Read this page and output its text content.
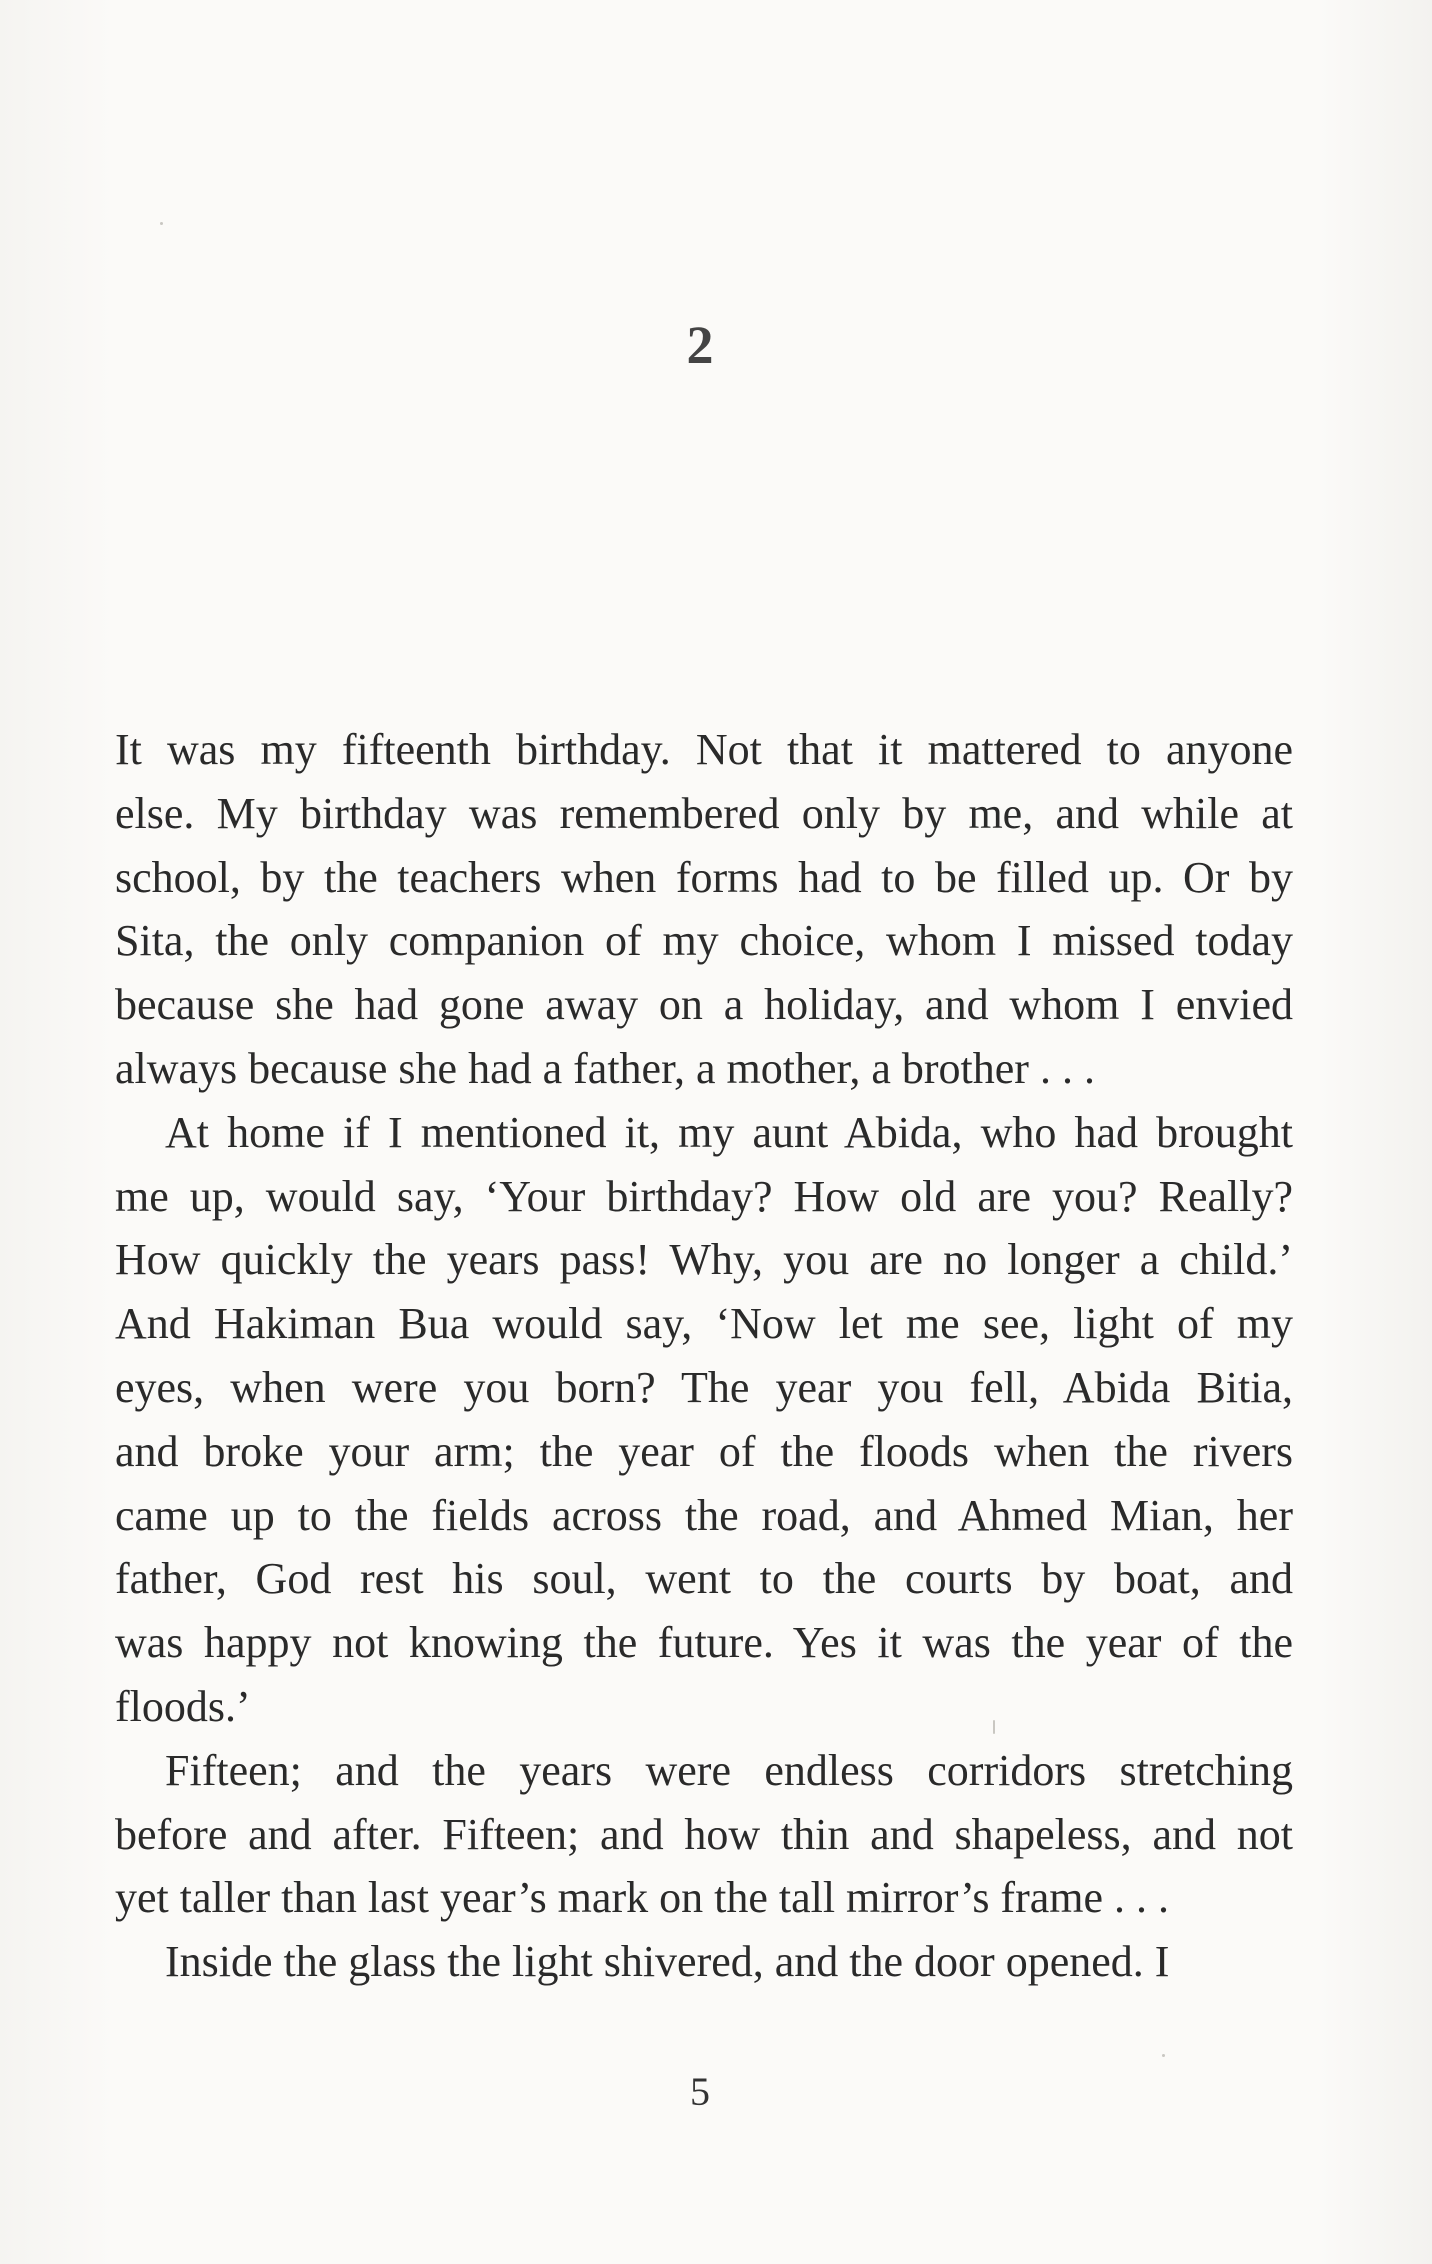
2
It was my fifteenth birthday. Not that it mattered to anyone
else. My birthday was remembered only by me, and while at
school, by the teachers when forms had to be filled up. Or by
Sita, the only companion of my choice, whom I missed today
because she had gone away on a holiday, and whom I envied
always because she had a father, a mother, a brother . . .
At home if I mentioned it, my aunt Abida, who had brought
me up, would say, ‘Your birthday? How old are you? Really?
How quickly the years pass! Why, you are no longer a child.’
And Hakiman Bua would say, ‘Now let me see, light of my
eyes, when were you born? The year you fell, Abida Bitia,
and broke your arm; the year of the floods when the rivers
came up to the fields across the road, and Ahmed Mian, her
father, God rest his soul, went to the courts by boat, and
was happy not knowing the future. Yes it was the year of the
floods.’
Fifteen; and the years were endless corridors stretching
before and after. Fifteen; and how thin and shapeless, and not
yet taller than last year’s mark on the tall mirror’s frame . . .
Inside the glass the light shivered, and the door opened. I
5
